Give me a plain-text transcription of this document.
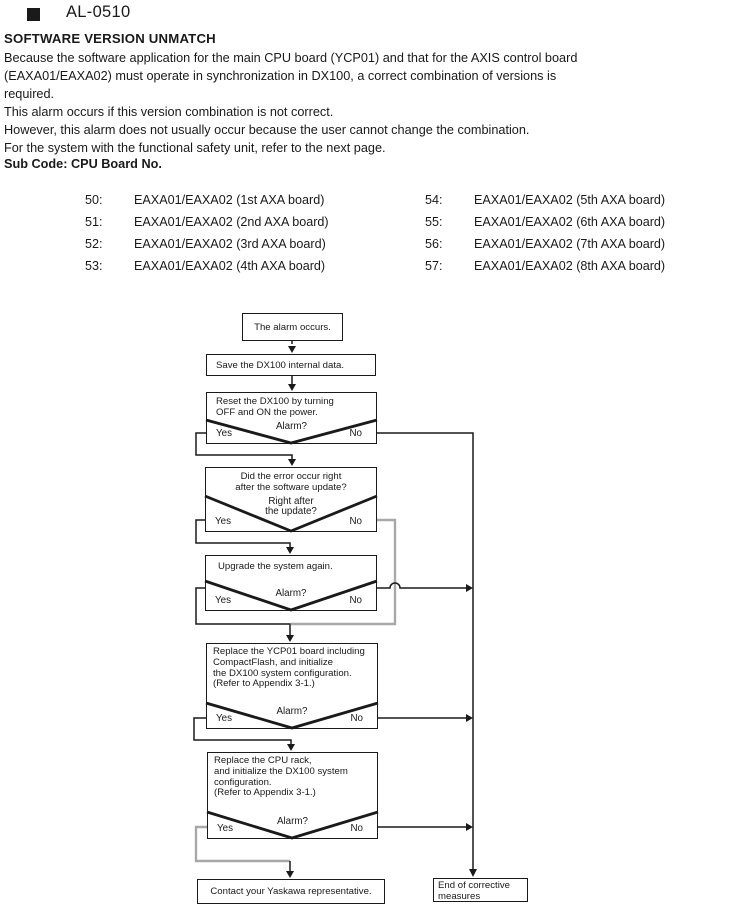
AL-0510
SOFTWARE VERSION UNMATCH
Because the software application for the main CPU board (YCP01) and that for the AXIS control board
(EAXA01/EAXA02) must operate in synchronization in DX100, a correct combination of versions is
required.
This alarm occurs if this version combination is not correct.
However, this alarm does not usually occur because the user cannot change the combination.
For the system with the functional safety unit, refer to the next page.
Sub Code: CPU Board No.
50: EAXA01/EAXA02 (1st AXA board)
51: EAXA01/EAXA02 (2nd AXA board)
52: EAXA01/EAXA02 (3rd AXA board)
53: EAXA01/EAXA02 (4th AXA board)
54: EAXA01/EAXA02 (5th AXA board)
55: EAXA01/EAXA02 (6th AXA board)
56: EAXA01/EAXA02 (7th AXA board)
57: EAXA01/EAXA02 (8th AXA board)
The alarm occurs.
Save the DX100 internal data.
Reset the DX100 by turning
OFF and ON the power.
Alarm?
Yes	No
Did the error occur right
after the software update?
Right after
the update?
Yes	No
Upgrade the system again.
Alarm?
Yes	No
Replace the YCP01 board including
CompactFlash, and initialize
the DX100 system configuration.
(Refer to Appendix 3-1.)
Alarm?
Yes	No
Replace the CPU rack,
and initialize the DX100 system
configuration.
(Refer to Appendix 3-1.)
Alarm?
Yes	No
Contact your Yaskawa representative.
End of corrective
measures
